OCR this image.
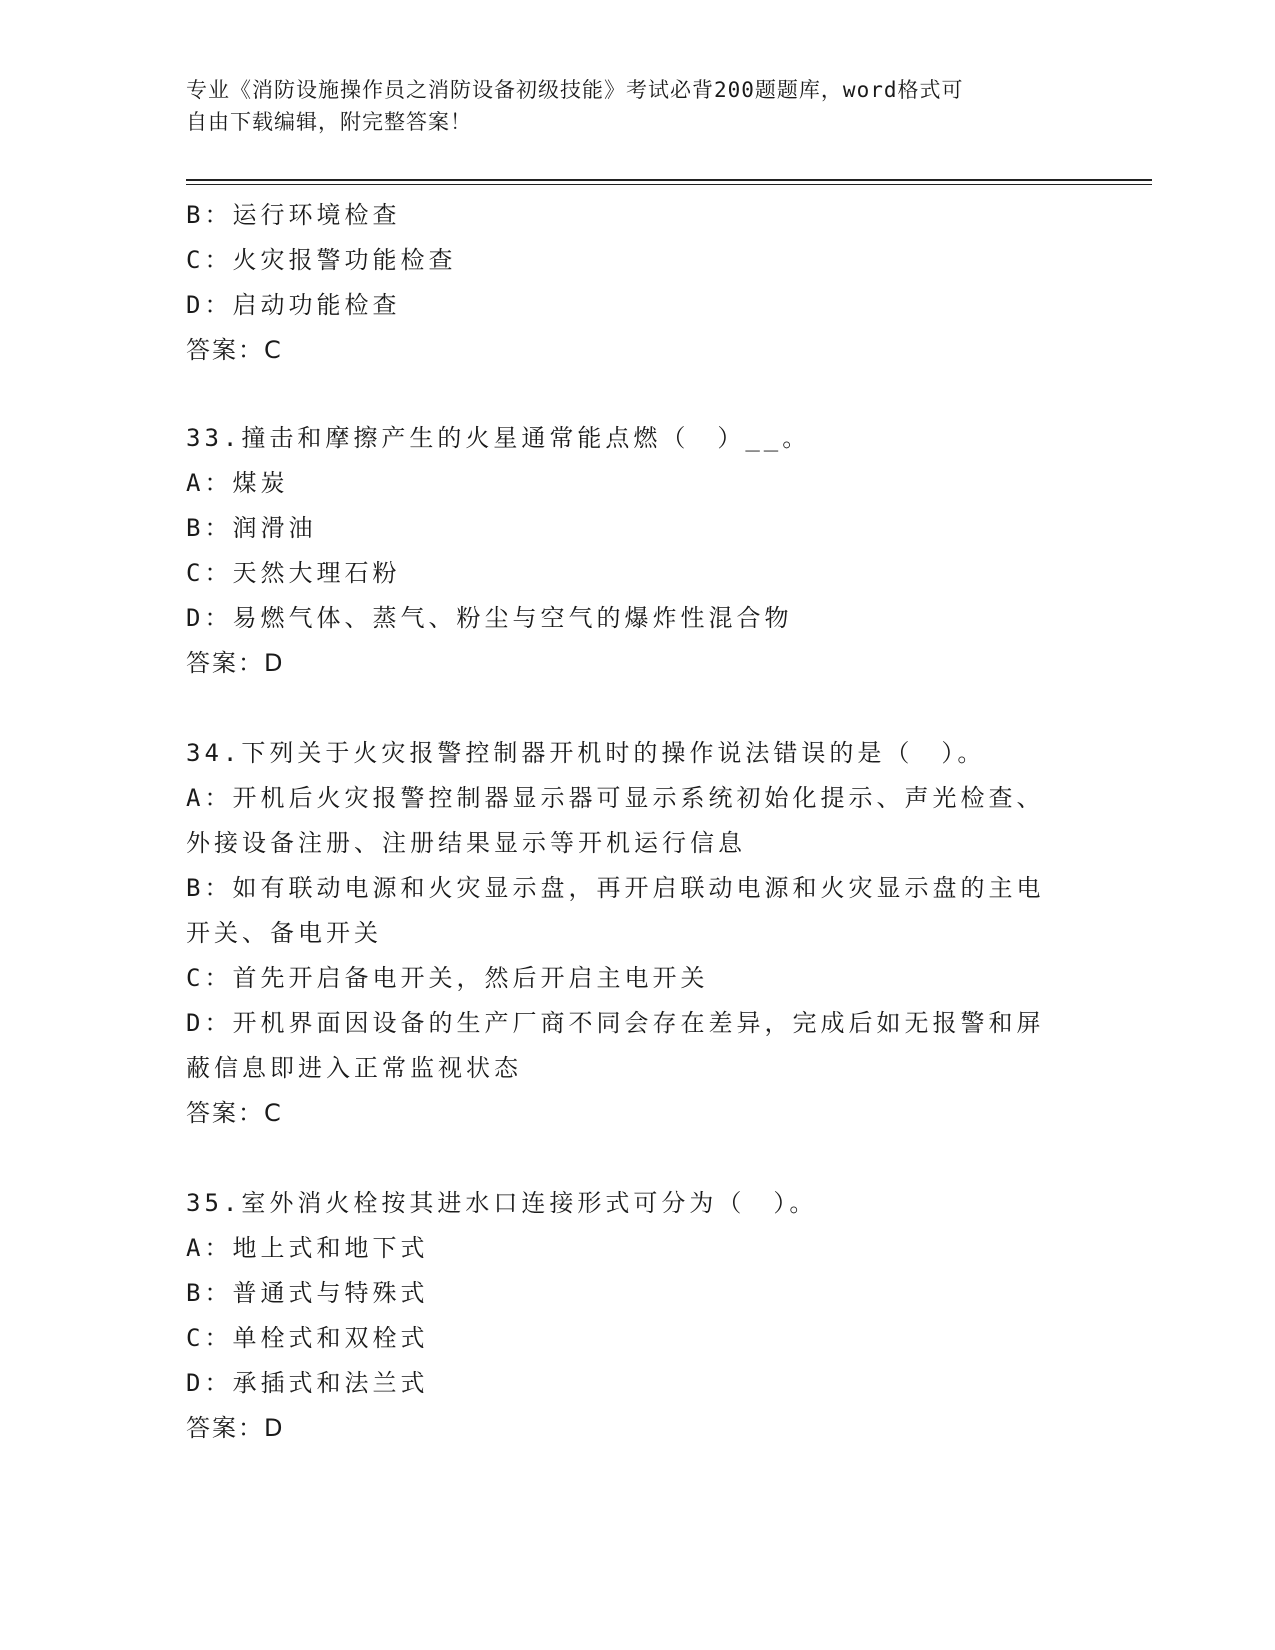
专业《消防设施操作员之消防设备初级技能》考试必背200题题库，word格式可
自由下载编辑，附完整答案！
B：运行环境检查
C：火灾报警功能检查
D：启动功能检查
答案：C
33.撞击和摩擦产生的火星通常能点燃（　）__。
A：煤炭
B：润滑油
C：天然大理石粉
D：易燃气体、蒸气、粉尘与空气的爆炸性混合物
答案：D
34.下列关于火灾报警控制器开机时的操作说法错误的是（　）。
A：开机后火灾报警控制器显示器可显示系统初始化提示、声光检查、
外接设备注册、注册结果显示等开机运行信息
B：如有联动电源和火灾显示盘，再开启联动电源和火灾显示盘的主电
开关、备电开关
C：首先开启备电开关，然后开启主电开关
D：开机界面因设备的生产厂商不同会存在差异，完成后如无报警和屏
蔽信息即进入正常监视状态
答案：C
35.室外消火栓按其进水口连接形式可分为（　）。
A：地上式和地下式
B：普通式与特殊式
C：单栓式和双栓式
D：承插式和法兰式
答案：D
